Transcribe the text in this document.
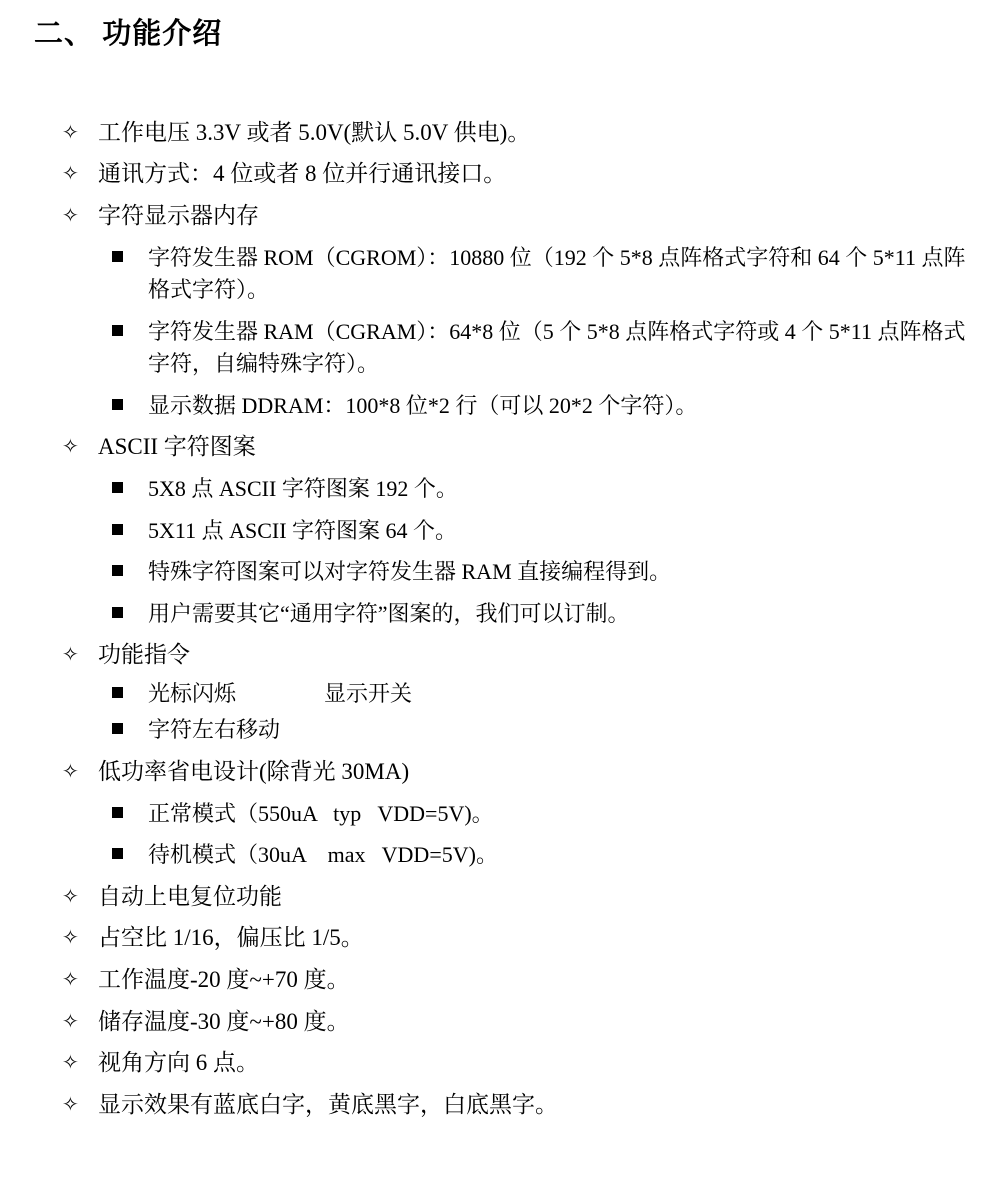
二、 功能介绍
✧ 工作电压 3.3V 或者 5.0V(默认 5.0V 供电)。
✧ 通讯方式：4 位或者 8 位并行通讯接口。
✧ 字符显示器内存
字符发生器 ROM（CGROM）：10880 位（192 个 5*8 点阵格式字符和 64 个 5*11 点阵格式字符）。
字符发生器 RAM（CGRAM）：64*8 位（5 个 5*8 点阵格式字符或 4 个 5*11 点阵格式字符，自编特殊字符）。
显示数据 DDRAM：100*8 位*2 行（可以 20*2 个字符）。
✧ ASCII 字符图案
5X8 点 ASCII 字符图案 192 个。
5X11 点 ASCII 字符图案 64 个。
特殊字符图案可以对字符发生器 RAM 直接编程得到。
用户需要其它“通用字符”图案的，我们可以订制。
✧ 功能指令
光标闪烁                显示开关
字符左右移动
✧ 低功率省电设计(除背光 30MA)
正常模式（550uA   typ   VDD=5V)。
待机模式（30uA    max   VDD=5V)。
✧ 自动上电复位功能
✧ 占空比 1/16，偏压比 1/5。
✧ 工作温度-20 度~+70 度。
✧ 储存温度-30 度~+80 度。
✧ 视角方向 6 点。
✧ 显示效果有蓝底白字，黄底黑字，白底黑字。
